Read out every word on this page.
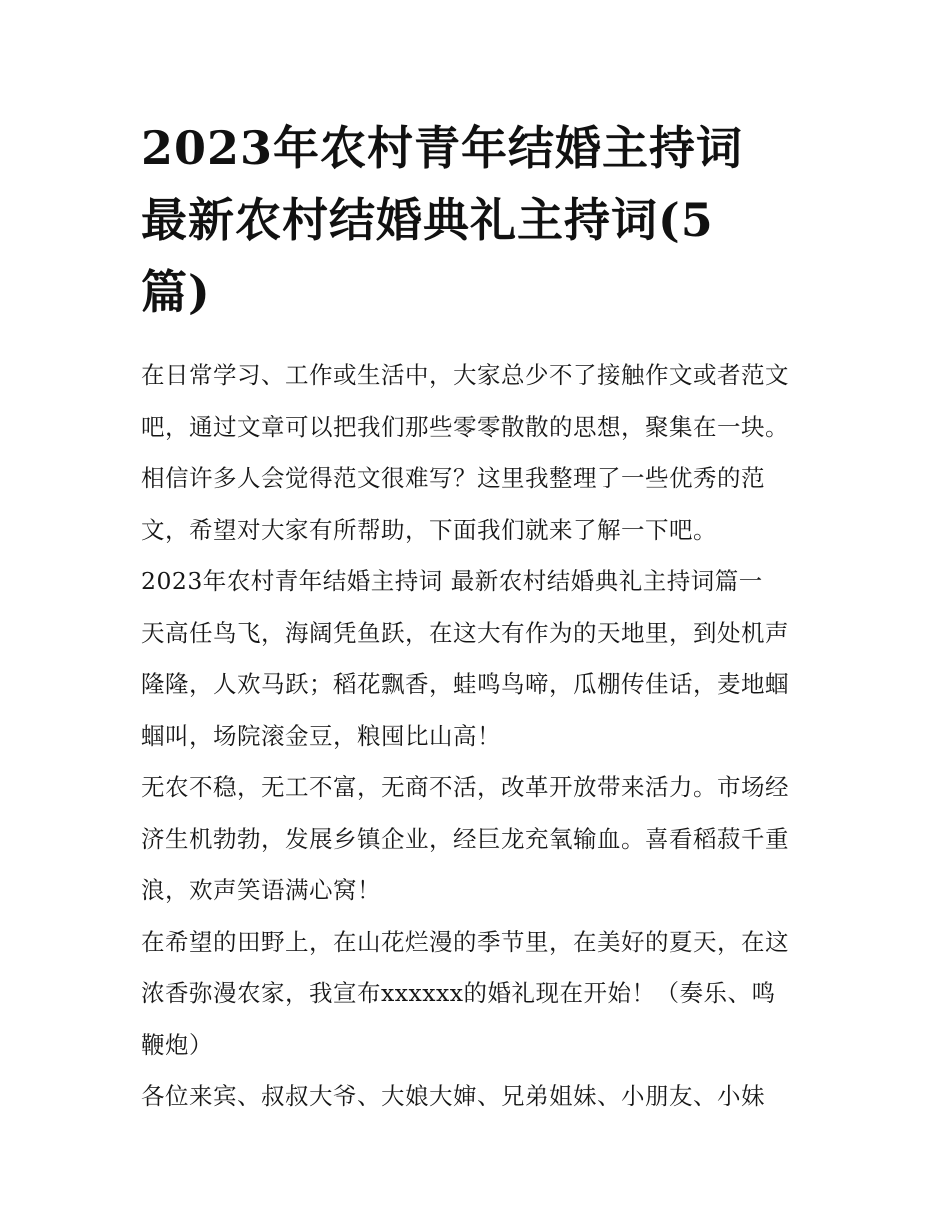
2023年农村青年结婚主持词
最新农村结婚典礼主持词(5
篇)

在日常学习、工作或生活中，大家总少不了接触作文或者范文
吧，通过文章可以把我们那些零零散散的思想，聚集在一块。
相信许多人会觉得范文很难写？这里我整理了一些优秀的范
文，希望对大家有所帮助，下面我们就来了解一下吧。

2023年农村青年结婚主持词 最新农村结婚典礼主持词篇一

天高任鸟飞，海阔凭鱼跃，在这大有作为的天地里，到处机声
隆隆，人欢马跃；稻花飘香，蛙鸣鸟啼，瓜棚传佳话，麦地蝈
蝈叫，场院滚金豆，粮囤比山高！

无农不稳，无工不富，无商不活，改革开放带来活力。市场经
济生机勃勃，发展乡镇企业，经巨龙充氧输血。喜看稻菽千重
浪，欢声笑语满心窝！

在希望的田野上，在山花烂漫的季节里，在美好的夏天，在这
浓香弥漫农家，我宣布xxxxxx的婚礼现在开始！（奏乐、鸣
鞭炮）

各位来宾、叔叔大爷、大娘大婶、兄弟姐妹、小朋友、小妹
